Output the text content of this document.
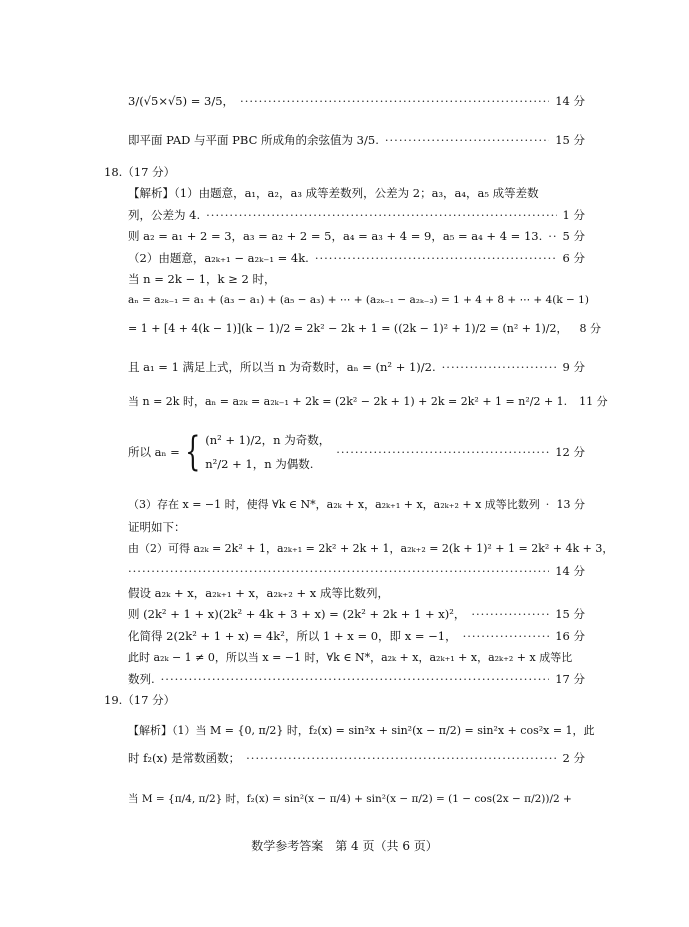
3/(√5×√5) = 3/5， ·····	14 分
即平面 PAD 与平面 PBC 所成角的余弦值为 3/5. ·····	15 分
18.（17 分）
【解析】（1）由题意，a₁，a₂，a₃ 成等差数列，公差为 2；a₃，a₄，a₅ 成等差数
列，公差为 4. ·····	1 分
则 a₂ = a₁ + 2 = 3，a₃ = a₂ + 2 = 5，a₄ = a₃ + 4 = 9，a₅ = a₄ + 4 = 13. ····· 5 分
（2）由题意，a₂ₖ₊₁ − a₂ₖ₋₁ = 4k. ·····	6 分
当 n = 2k − 1，k ≥ 2 时，
aₙ = a₂ₖ₋₁ = a₁ + (a₃ − a₁) + (a₅ − a₃) + ⋯ + (a₂ₖ₋₁ − a₂ₖ₋₃) = 1 + 4 + 8 + ⋯ + 4(k − 1)
= 1 + [4 + 4(k − 1)](k − 1)/2 = 2k² − 2k + 1 = ((2k − 1)² + 1)/2 = (n² + 1)/2， 8 分
且 a₁ = 1 满足上式，所以当 n 为奇数时，aₙ = (n² + 1)/2. ·····	9 分
当 n = 2k 时，aₙ = a₂ₖ = a₂ₖ₋₁ + 2k = (2k² − 2k + 1) + 2k = 2k² + 1 = n²/2 + 1. 11 分
所以 aₙ = { (n² + 1)/2，n 为奇数，
n²/2 + 1，n 为偶数.
·····
12 分
（3）存在 x = −1 时，使得 ∀k ∈ N*，a₂ₖ + x，a₂ₖ₊₁ + x，a₂ₖ₊₂ + x 成等比数列 ····· 13 分
证明如下：
由（2）可得 a₂ₖ = 2k² + 1，a₂ₖ₊₁ = 2k² + 2k + 1，a₂ₖ₊₂ = 2(k + 1)² + 1 = 2k² + 4k + 3，
·····
14 分
假设 a₂ₖ + x，a₂ₖ₊₁ + x，a₂ₖ₊₂ + x 成等比数列，
则 (2k² + 1 + x)(2k² + 4k + 3 + x) = (2k² + 2k + 1 + x)²， ·····	15 分
化简得 2(2k² + 1 + x) = 4k²，所以 1 + x = 0，即 x = −1， ·····	16 分
此时 a₂ₖ − 1 ≠ 0，所以当 x = −1 时，∀k ∈ N*，a₂ₖ + x，a₂ₖ₊₁ + x，a₂ₖ₊₂ + x 成等比
数列. ·····	17 分
19.（17 分）
【解析】（1）当 M = {0, π/2} 时，f₂(x) = sin²x + sin²(x − π/2) = sin²x + cos²x = 1，此
时 f₂(x) 是常数函数； ·····	2 分
当 M = {π/4, π/2} 时，f₂(x) = sin²(x − π/4) + sin²(x − π/2) = (1 − cos(2x − π/2))/2 +
数学参考答案　第 4 页（共 6 页）
